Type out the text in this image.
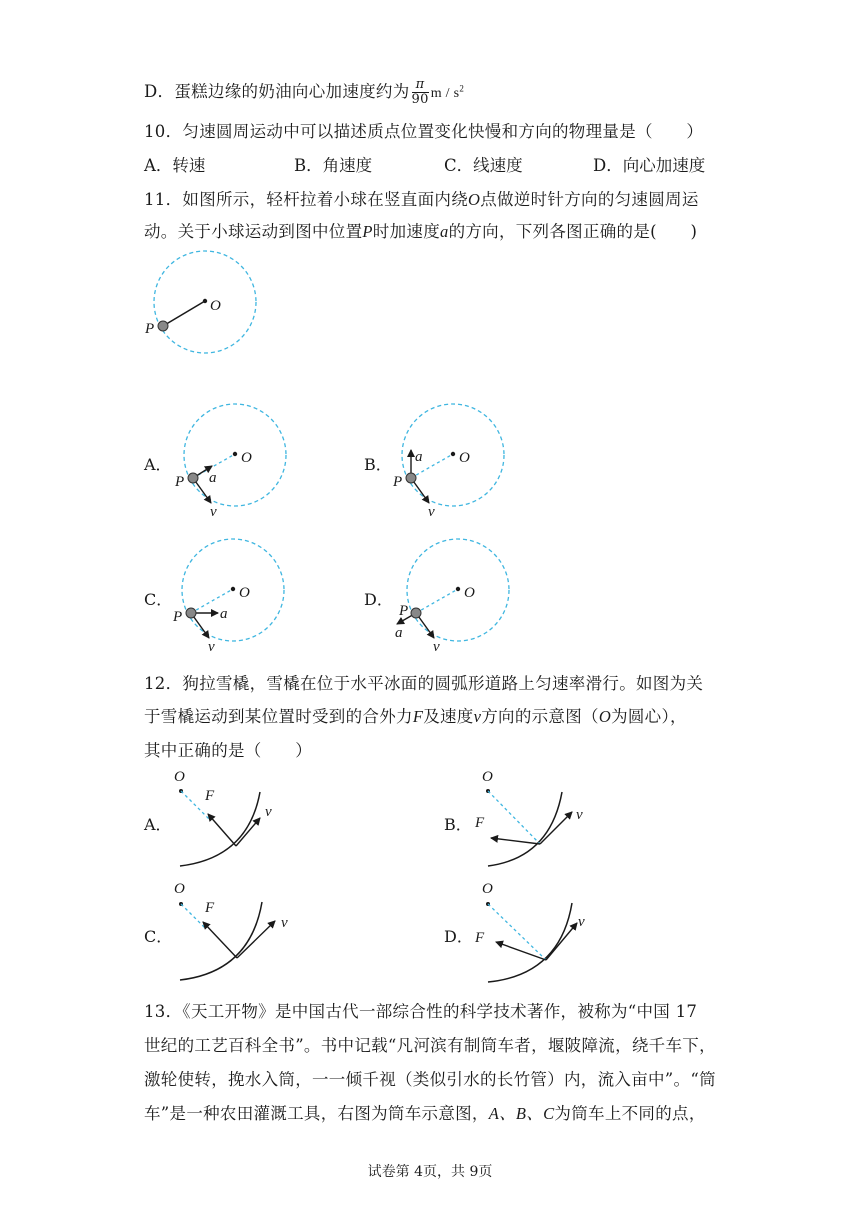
D．蛋糕边缘的奶油向心加速度约为 $\frac{\pi}{90}$ m / $s^2$
10．匀速圆周运动中可以描述质点位置变化快慢和方向的物理量是（　　）
A．转速	B．角速度	C．线速度	D．向心加速度
11．如图所示，轻杆拉着小球在竖直面内绕O点做逆时针方向的匀速圆周运
动。关于小球运动到图中位置P时加速度a的方向，下列各图正确的是(　　)
O
P
A．	B．
C．	D．
O
P a
v
O
P
a
v
O
P	a
v
O
P
a
v
12．狗拉雪橇，雪橇在位于水平冰面的圆弧形道路上匀速率滑行。如图为关
于雪橇运动到某位置时受到的合外力F及速度v方向的示意图（O为圆心），
其中正确的是（　　）
A．	B．
C．	D．
O
F
v
O
F	v
O
F
v
O
F
v
13．《天工开物》是中国古代一部综合性的科学技术著作，被称为“中国 17
世纪的工艺百科全书”。书中记载“凡河滨有制筒车者，堰陂障流，绕千车下，
激轮使转，挽水入筒，一一倾千视（类似引水的长竹管）内，流入亩中”。“筒
车”是一种农田灌溉工具，右图为筒车示意图，A、B、C为筒车上不同的点，
试卷第 4页，共 9页
